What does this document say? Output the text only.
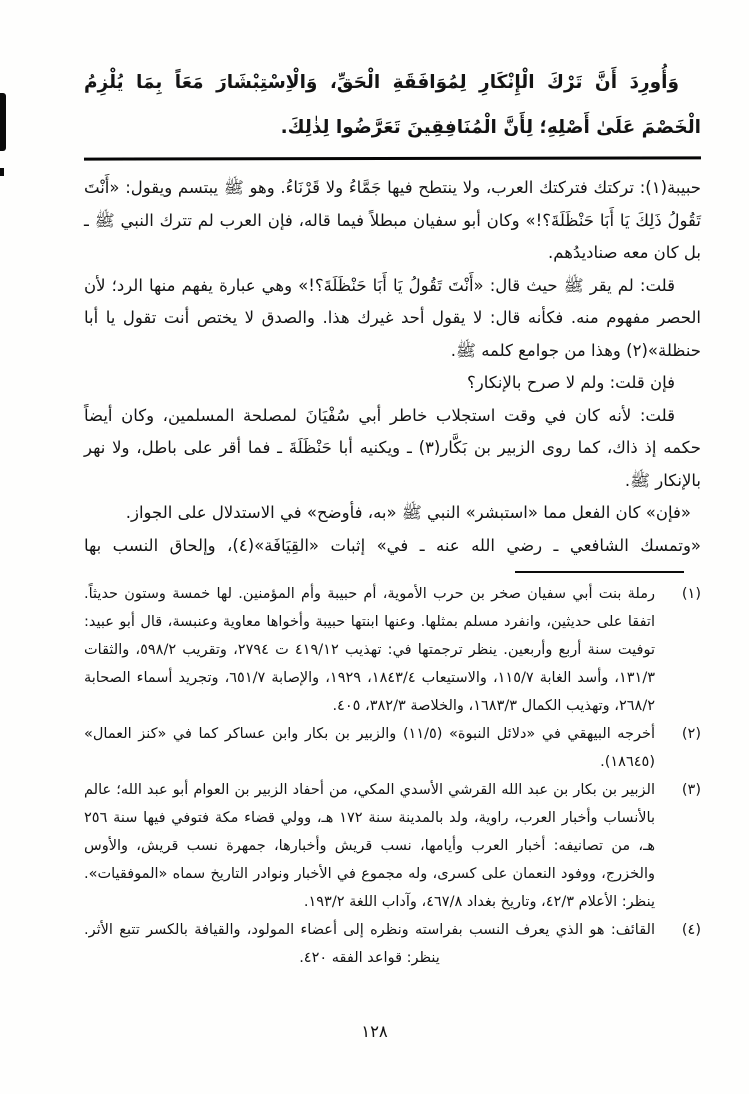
وَأُورِدَ أَنَّ تَرْكَ الْإِنْكَارِ لِمُوَافَقَةِ الْحَقِّ، وَالْاِسْتِبْشَارَ مَعَاً بِمَا يُلْزِمُ الْخَصْمَ عَلَىٰ أَصْلِهِ؛ لِأَنَّ الْمُنَافِقِينَ تَعَرَّضُوا لِذٰلِكَ.

حبيبة(١): تركتك فتركتك العرب، ولا ينتطح فيها جَمَّاءُ ولا قَرْنَاءُ. وهو ﷺ يبتسم ويقول: «أَنْتَ تَقُولُ ذَلِكَ يَا أَبَا حَنْظَلَةَ؟!» وكان أبو سفيان مبطلاً فيما قاله، فإن العرب لم تترك النبي ﷺ ـ بل كان معه صناديدُهم.

قلت: لم يقر ﷺ حيث قال: «أَنْتَ تَقُولُ يَا أَبَا حَنْظَلَةَ؟!» وهي عبارة يفهم منها الرد؛ لأن الحصر مفهوم منه. فكأنه قال: لا يقول أحد غيرك هذا. والصدق لا يختص أنت تقول يا أبا حنظلة»(٢) وهذا من جوامع كلمه ﷺ.

فإن قلت: ولم لا صرح بالإنكار؟

قلت: لأنه كان في وقت استجلاب خاطر أبي سُفْيَانَ لمصلحة المسلمين، وكان أيضاً حكمه إذ ذاك، كما روى الزبير بن بَكَّار(٣) ـ ويكنيه أبا حَنْظَلَةَ ـ فما أقر على باطل، ولا نهر بالإنكار ﷺ.

«فإن» كان الفعل مما «استبشر» النبي ﷺ «به، فأوضح» في الاستدلال على الجواز.

«وتمسك الشافعي ـ رضي الله عنه ـ في» إثبات «القِيَافَة»(٤)، وإلحاق النسب بها

(١)

رملة بنت أبي سفيان صخر بن حرب الأموية، أم حبيبة وأم المؤمنين. لها خمسة وستون حديثاً. اتفقا على حديثين، وانفرد مسلم بمثلها. وعنها ابنتها حبيبة وأخواها معاوية وعنبسة، قال أبو عبيد: توفيت سنة أربع وأربعين. ينظر ترجمتها في: تهذيب ٤١٩/١٢ ت ٢٧٩٤، وتقريب ٥٩٨/٢، والثقات ١٣١/٣، وأسد الغابة ١١٥/٧، والاستيعاب ١٨٤٣/٤، ١٩٢٩، والإصابة ٦٥١/٧، وتجريد أسماء الصحابة ٢٦٨/٢، وتهذيب الكمال ١٦٨٣/٣، والخلاصة ٣٨٢/٣، ٤٠٥.

(٢)

أخرجه البيهقي في «دلائل النبوة» (١١/٥) والزبير بن بكار وابن عساكر كما في «كنز العمال» (١٨٦٤٥).

(٣)

الزبير بن بكار بن عبد الله القرشي الأسدي المكي، من أحفاد الزبير بن العوام أبو عبد الله؛ عالم بالأنساب وأخبار العرب، راوية، ولد بالمدينة سنة ١٧٢ هـ، وولي قضاء مكة فتوفي فيها سنة ٢٥٦ هـ، من تصانيفه: أخبار العرب وأيامها، نسب قريش وأخبارها، جمهرة نسب قريش، والأوس والخزرج، ووفود النعمان على كسرى، وله مجموع في الأخبار ونوادر التاريخ سماه «الموفقيات». ينظر: الأعلام ٤٢/٣، وتاريخ بغداد ٤٦٧/٨، وآداب اللغة ١٩٣/٢.

(٤)

القائف: هو الذي يعرف النسب بفراسته ونظره إلى أعضاء المولود، والقيافة بالكسر تتبع الأثر. ينظر: قواعد الفقه ٤٢٠.

١٢٨
